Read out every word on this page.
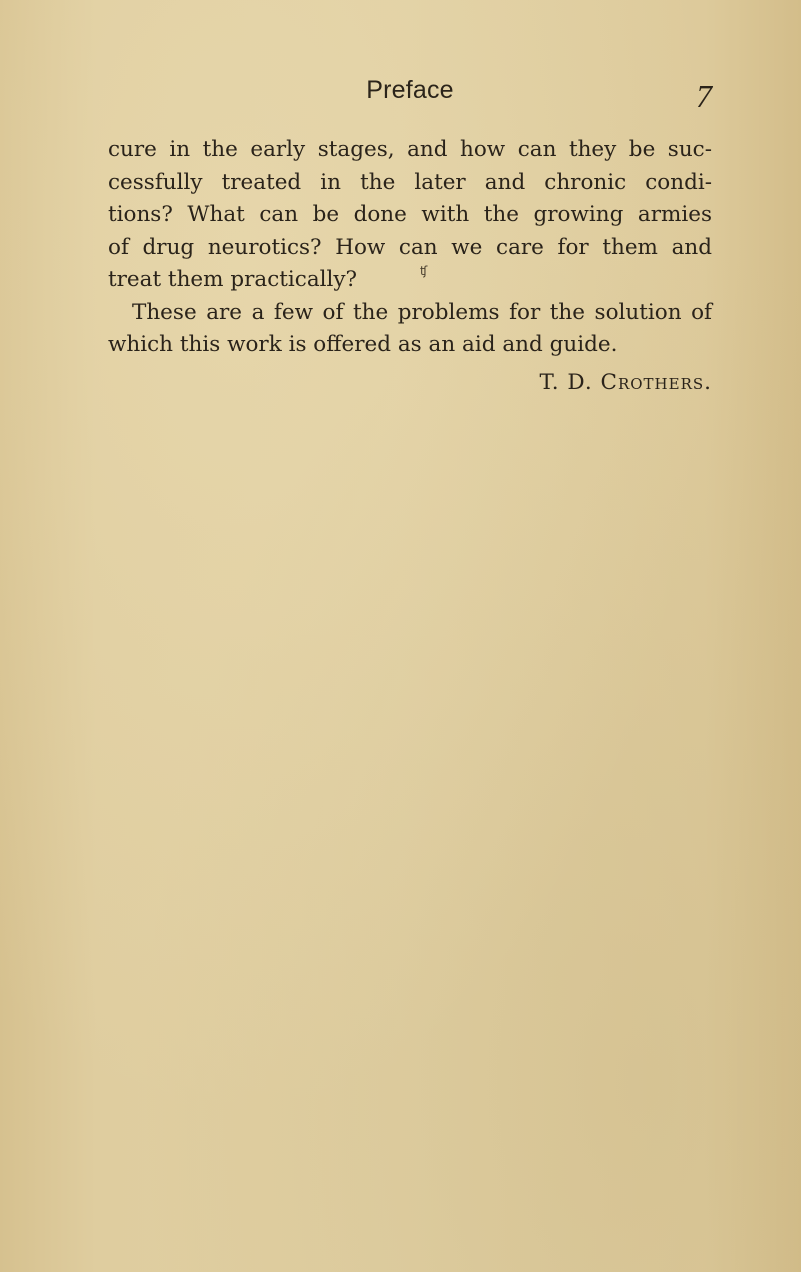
Preface	7
cure in the early stages, and how can they be suc-
cessfully treated in the later and chronic condi-
tions? What can be done with the growing armies
of drug neurotics? How can we care for them and
treat them practically?
These are a few of the problems for the solution of
which this work is offered as an aid and guide.
ʧ
T. D. Crothers.
